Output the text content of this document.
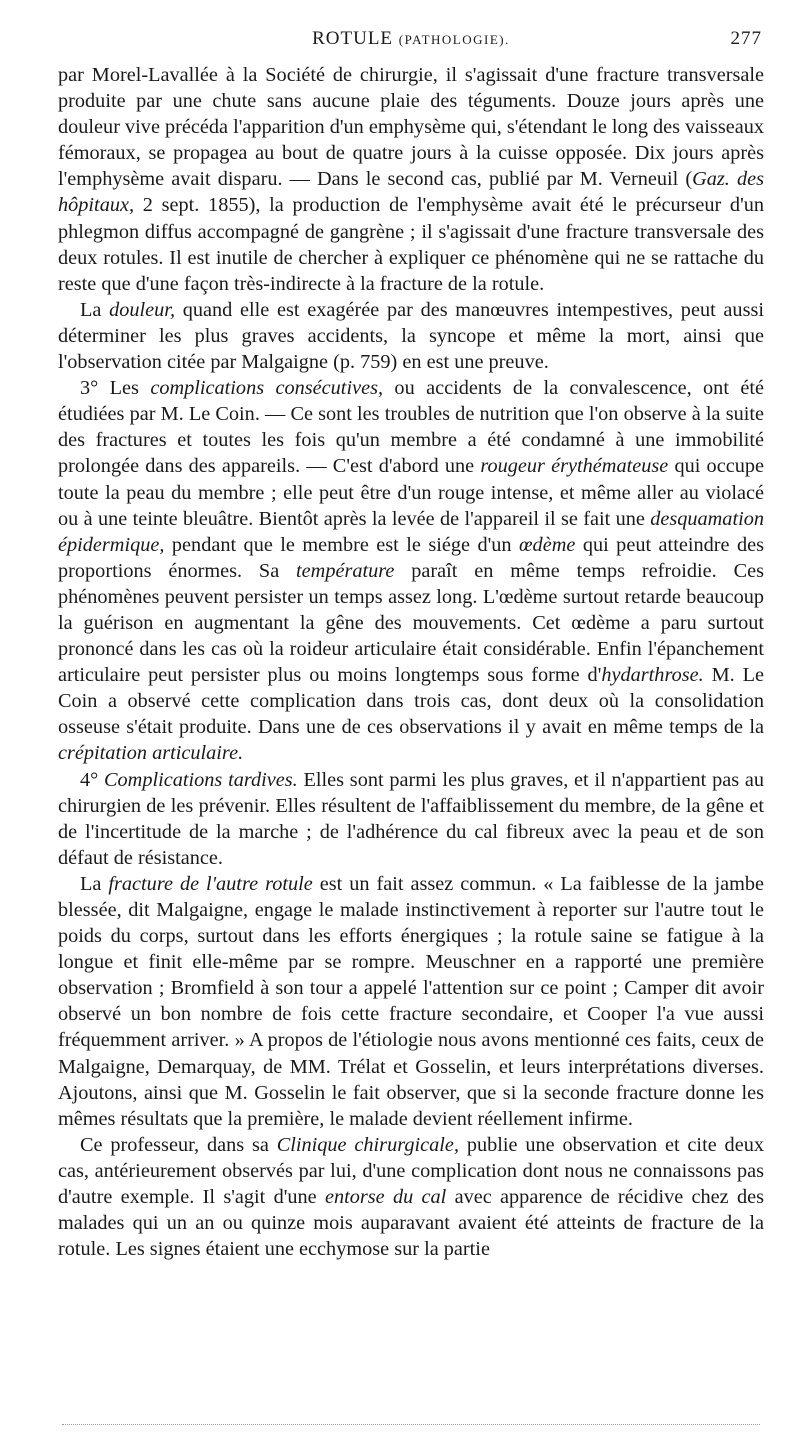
ROTULE (PATHOLOGIE).	277

par Morel-Lavallée à la Société de chirurgie, il s'agissait d'une fracture transversale produite par une chute sans aucune plaie des téguments. Douze jours après une douleur vive précéda l'apparition d'un emphysème qui, s'étendant le long des vaisseaux fémoraux, se propagea au bout de quatre jours à la cuisse opposée. Dix jours après l'emphysème avait disparu. — Dans le second cas, publié par M. Verneuil (Gaz. des hôpitaux, 2 sept. 1855), la production de l'emphysème avait été le précurseur d'un phlegmon diffus accompagné de gangrène ; il s'agissait d'une fracture transversale des deux rotules. Il est inutile de chercher à expliquer ce phénomène qui ne se rattache du reste que d'une façon très-indirecte à la fracture de la rotule.

La douleur, quand elle est exagérée par des manœuvres intempestives, peut aussi déterminer les plus graves accidents, la syncope et même la mort, ainsi que l'observation citée par Malgaigne (p. 759) en est une preuve.

3° Les complications consécutives, ou accidents de la convalescence, ont été étudiées par M. Le Coin. — Ce sont les troubles de nutrition que l'on observe à la suite des fractures et toutes les fois qu'un membre a été condamné à une immobilité prolongée dans des appareils. — C'est d'abord une rougeur érythémateuse qui occupe toute la peau du membre ; elle peut être d'un rouge intense, et même aller au violacé ou à une teinte bleuâtre. Bientôt après la levée de l'appareil il se fait une desquamation épidermique, pendant que le membre est le siége d'un œdème qui peut atteindre des proportions énormes. Sa température paraît en même temps refroidie. Ces phénomènes peuvent persister un temps assez long. L'œdème surtout retarde beaucoup la guérison en augmentant la gêne des mouvements. Cet œdème a paru surtout prononcé dans les cas où la roideur articulaire était considérable. Enfin l'épanchement articulaire peut persister plus ou moins longtemps sous forme d'hydarthrose. M. Le Coin a observé cette complication dans trois cas, dont deux où la consolidation osseuse s'était produite. Dans une de ces observations il y avait en même temps de la crépitation articulaire.

4° Complications tardives. Elles sont parmi les plus graves, et il n'appartient pas au chirurgien de les prévenir. Elles résultent de l'affaiblissement du membre, de la gêne et de l'incertitude de la marche ; de l'adhérence du cal fibreux avec la peau et de son défaut de résistance.

La fracture de l'autre rotule est un fait assez commun. « La faiblesse de la jambe blessée, dit Malgaigne, engage le malade instinctivement à reporter sur l'autre tout le poids du corps, surtout dans les efforts énergiques ; la rotule saine se fatigue à la longue et finit elle-même par se rompre. Meuschner en a rapporté une première observation ; Bromfield à son tour a appelé l'attention sur ce point ; Camper dit avoir observé un bon nombre de fois cette fracture secondaire, et Cooper l'a vue aussi fréquemment arriver. » A propos de l'étiologie nous avons mentionné ces faits, ceux de Malgaigne, Demarquay, de MM. Trélat et Gosselin, et leurs interprétations diverses. Ajoutons, ainsi que M. Gosselin le fait observer, que si la seconde fracture donne les mêmes résultats que la première, le malade devient réellement infirme.

Ce professeur, dans sa Clinique chirurgicale, publie une observation et cite deux cas, antérieurement observés par lui, d'une complication dont nous ne connaissons pas d'autre exemple. Il s'agit d'une entorse du cal avec apparence de récidive chez des malades qui un an ou quinze mois auparavant avaient été atteints de fracture de la rotule. Les signes étaient une ecchymose sur la partie
